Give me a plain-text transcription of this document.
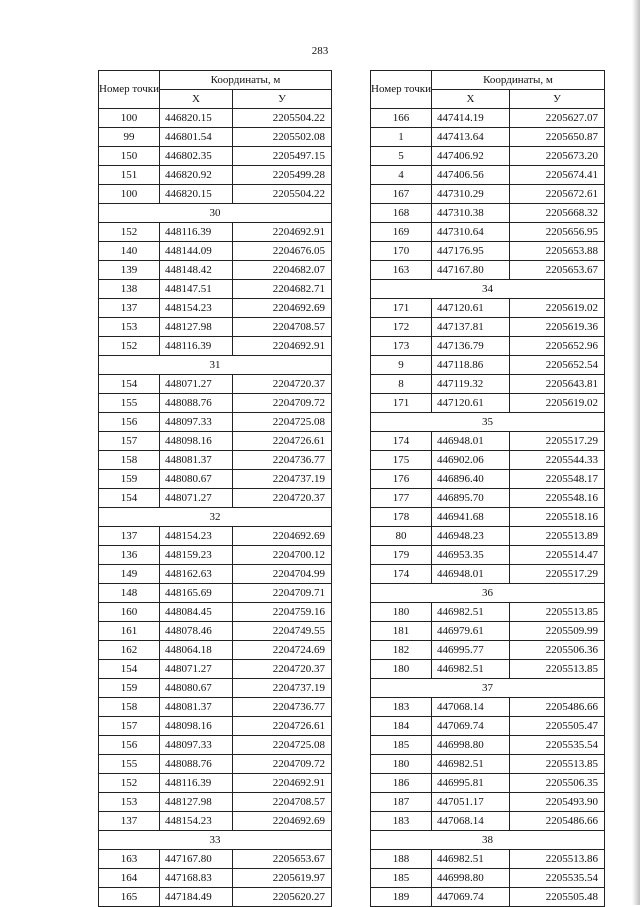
283
Номер точки	Координаты, м	
	X	У
100	446820.15	2205504.22
99	446801.54	2205502.08
150	446802.35	2205497.15
151	446820.92	2205499.28
100	446820.15	2205504.22
30		
152	448116.39	2204692.91
140	448144.09	2204676.05
139	448148.42	2204682.07
138	448147.51	2204682.71
137	448154.23	2204692.69
153	448127.98	2204708.57
152	448116.39	2204692.91
31		
154	448071.27	2204720.37
155	448088.76	2204709.72
156	448097.33	2204725.08
157	448098.16	2204726.61
158	448081.37	2204736.77
159	448080.67	2204737.19
154	448071.27	2204720.37
32		
137	448154.23	2204692.69
136	448159.23	2204700.12
149	448162.63	2204704.99
148	448165.69	2204709.71
160	448084.45	2204759.16
161	448078.46	2204749.55
162	448064.18	2204724.69
154	448071.27	2204720.37
159	448080.67	2204737.19
158	448081.37	2204736.77
157	448098.16	2204726.61
156	448097.33	2204725.08
155	448088.76	2204709.72
152	448116.39	2204692.91
153	448127.98	2204708.57
137	448154.23	2204692.69
33		
163	447167.80	2205653.67
164	447168.83	2205619.97
165	447184.49	2205620.27
Номер точки	Координаты, м	
	X	У
166	447414.19	2205627.07
1	447413.64	2205650.87
5	447406.92	2205673.20
4	447406.56	2205674.41
167	447310.29	2205672.61
168	447310.38	2205668.32
169	447310.64	2205656.95
170	447176.95	2205653.88
163	447167.80	2205653.67
34		
171	447120.61	2205619.02
172	447137.81	2205619.36
173	447136.79	2205652.96
9	447118.86	2205652.54
8	447119.32	2205643.81
171	447120.61	2205619.02
35		
174	446948.01	2205517.29
175	446902.06	2205544.33
176	446896.40	2205548.17
177	446895.70	2205548.16
178	446941.68	2205518.16
80	446948.23	2205513.89
179	446953.35	2205514.47
174	446948.01	2205517.29
36		
180	446982.51	2205513.85
181	446979.61	2205509.99
182	446995.77	2205506.36
180	446982.51	2205513.85
37		
183	447068.14	2205486.66
184	447069.74	2205505.47
185	446998.80	2205535.54
180	446982.51	2205513.85
186	446995.81	2205506.35
187	447051.17	2205493.90
183	447068.14	2205486.66
38		
188	446982.51	2205513.86
185	446998.80	2205535.54
189	447069.74	2205505.48
